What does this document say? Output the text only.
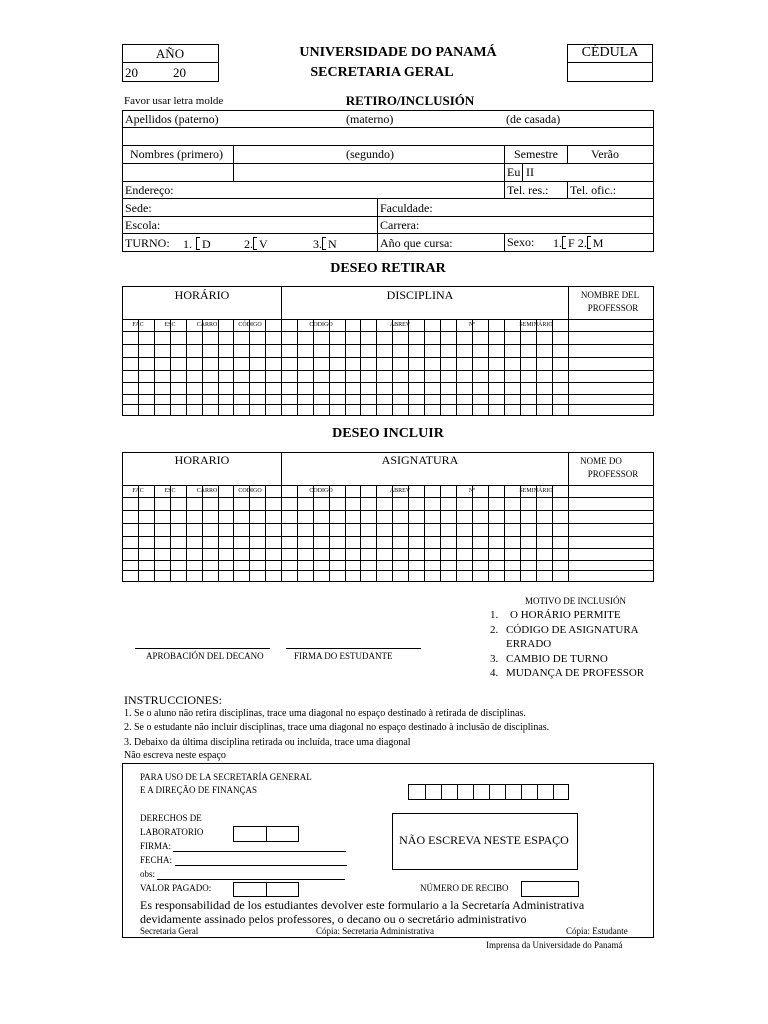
AÑO
20	20
UNIVERSIDADE DO PANAMÁ
SECRETARIA GERAL
CÉDULA
Favor usar letra molde	RETIRO/INCLUSIÓN
Apellidos (paterno)	(materno)	(de casada)
Nombres (primero)	(segundo)	Semestre	Verão
Eu II
Endereço:	Tel. res.: Tel. ofic.:
Sede:	Faculdade:
Escola:	Carrera:
TURNO: 1. D	2. V	3. N	Año que cursa:	Sexo: 1. F 2. M
DESEO RETIRAR
HORÁRIO	DISCIPLINA	NOMBRE DEL
PROFESSOR
FAC	ESC	CARRO	CÓDIGO	CODIGO	ABREV	Nº	SEMINÁRIO
DESEO INCLUIR
HORARIO	ASIGNATURA	NOME DO
PROFESSOR
FAC	ESC	CARRO	CODIGO	CODIGO	ABREV	Nº	SEMINÁRIO
MOTIVO DE INCLUSIÓN
1. O HORÁRIO PERMITE
2. CÓDIGO DE ASIGNATURA
ERRADO
3. CAMBIO DE TURNO
4. MUDANÇA DE PROFESSOR
APROBACIÓN DEL DECANO	FIRMA DO ESTUDANTE
INSTRUCCIONES:
1. Se o aluno não retira disciplinas, trace uma diagonal no espaço destinado à retirada de disciplinas.
2. Se o estudante não incluir disciplinas, trace uma diagonal no espaço destinado à inclusão de disciplinas.
3. Debaixo da última disciplina retirada ou incluída, trace uma diagonal
Não escreva neste espaço
PARA USO DE LA SECRETARÍA GENERAL
E A DIREÇÃO DE FINANÇAS
DERECHOS DE
LABORATORIO
FIRMA:
FECHA:
obs:
VALOR PAGADO:
NÃO ESCREVA NESTE ESPAÇO
NÚMERO DE RECIBO
Es responsabilidad de los estudiantes devolver este formulario a la Secretaría Administrativa
devidamente assinado pelos professores, o decano ou o secretário administrativo
Secretaria Geral	Cópia: Secretaria Administrativa	Cópia: Estudante
Imprensa da Universidade do Panamá
